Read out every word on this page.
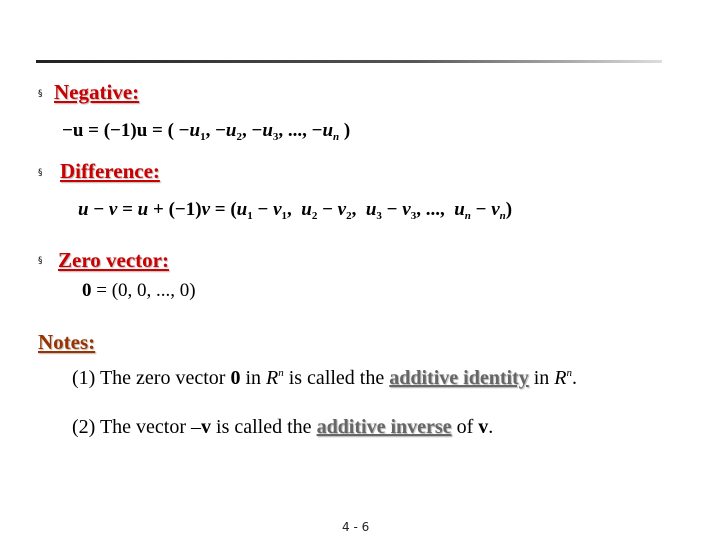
§ Negative:
−u = (−1)u = ( $-u_1$, $-u_2$, $-u_3$, ..., $-u_n$ )
§ Difference:
$u - v = u + (-1)v = (u_1 - v_1$,  $u_2 - v_2$,  $u_3 - v_3$, ...,  $u_n - v_n$)
§ Zero vector:
0 = (0, 0, ..., 0)
Notes:
(1) The zero vector 0 in $R^n$ is called the additive identity in $R^n$.
(2) The vector –v is called the additive inverse of v.
4 - 6
